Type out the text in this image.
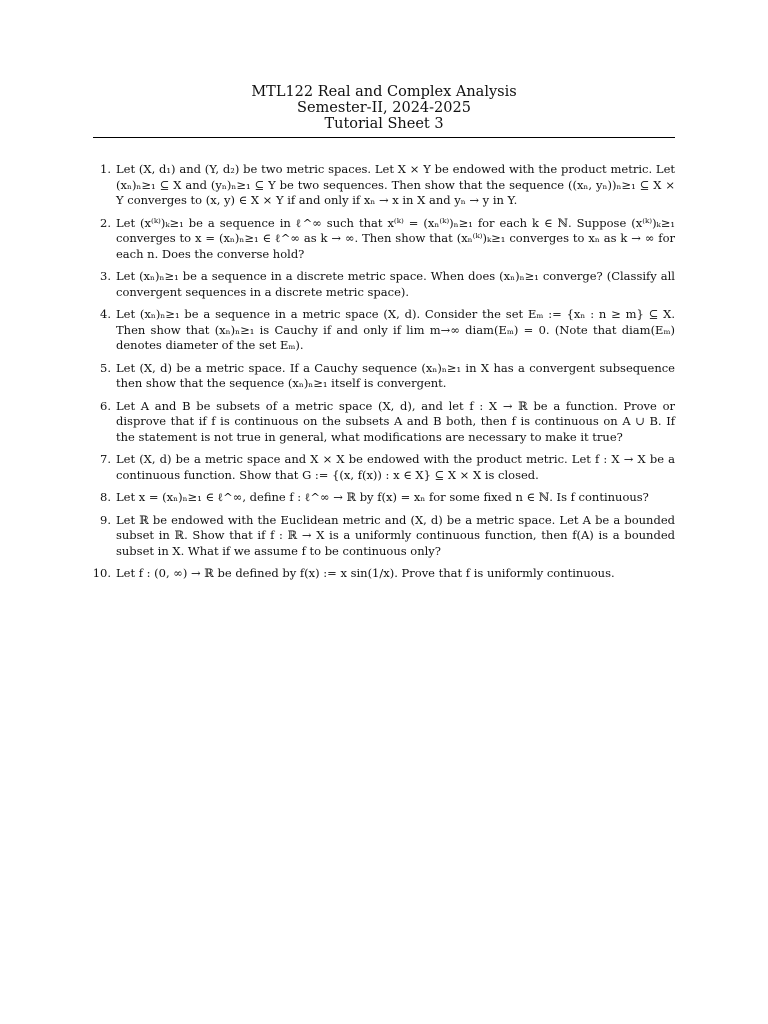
MTL122 Real and Complex Analysis
Semester-II, 2024-2025
Tutorial Sheet 3
1. Let (X, d₁) and (Y, d₂) be two metric spaces. Let X × Y be endowed with the product metric. Let (xₙ)ₙ≥₁ ⊆ X and (yₙ)ₙ≥₁ ⊆ Y be two sequences. Then show that the sequence ((xₙ, yₙ))ₙ≥₁ ⊆ X × Y converges to (x, y) ∈ X × Y if and only if xₙ → x in X and yₙ → y in Y.
2. Let (x⁽ᵏ⁾)ₖ≥₁ be a sequence in ℓ^∞ such that x⁽ᵏ⁾ = (xₙ⁽ᵏ⁾)ₙ≥₁ for each k ∈ ℕ. Suppose (x⁽ᵏ⁾)ₖ≥₁ converges to x = (xₙ)ₙ≥₁ ∈ ℓ^∞ as k → ∞. Then show that (xₙ⁽ᵏ⁾)ₖ≥₁ converges to xₙ as k → ∞ for each n. Does the converse hold?
3. Let (xₙ)ₙ≥₁ be a sequence in a discrete metric space. When does (xₙ)ₙ≥₁ converge? (Classify all convergent sequences in a discrete metric space).
4. Let (xₙ)ₙ≥₁ be a sequence in a metric space (X, d). Consider the set Eₘ := {xₙ : n ≥ m} ⊆ X. Then show that (xₙ)ₙ≥₁ is Cauchy if and only if lim m→∞ diam(Eₘ) = 0. (Note that diam(Eₘ) denotes diameter of the set Eₘ).
5. Let (X, d) be a metric space. If a Cauchy sequence (xₙ)ₙ≥₁ in X has a convergent subsequence then show that the sequence (xₙ)ₙ≥₁ itself is convergent.
6. Let A and B be subsets of a metric space (X, d), and let f : X → ℝ be a function. Prove or disprove that if f is continuous on the subsets A and B both, then f is continuous on A ∪ B. If the statement is not true in general, what modifications are necessary to make it true?
7. Let (X, d) be a metric space and X × X be endowed with the product metric. Let f : X → X be a continuous function. Show that G := {(x, f(x)) : x ∈ X} ⊆ X × X is closed.
8. Let x = (xₙ)ₙ≥₁ ∈ ℓ^∞, define f : ℓ^∞ → ℝ by f(x) = xₙ for some fixed n ∈ ℕ. Is f continuous?
9. Let ℝ be endowed with the Euclidean metric and (X, d) be a metric space. Let A be a bounded subset in ℝ. Show that if f : ℝ → X is a uniformly continuous function, then f(A) is a bounded subset in X. What if we assume f to be continuous only?
10. Let f : (0, ∞) → ℝ be defined by f(x) := x sin(1/x). Prove that f is uniformly continuous.
